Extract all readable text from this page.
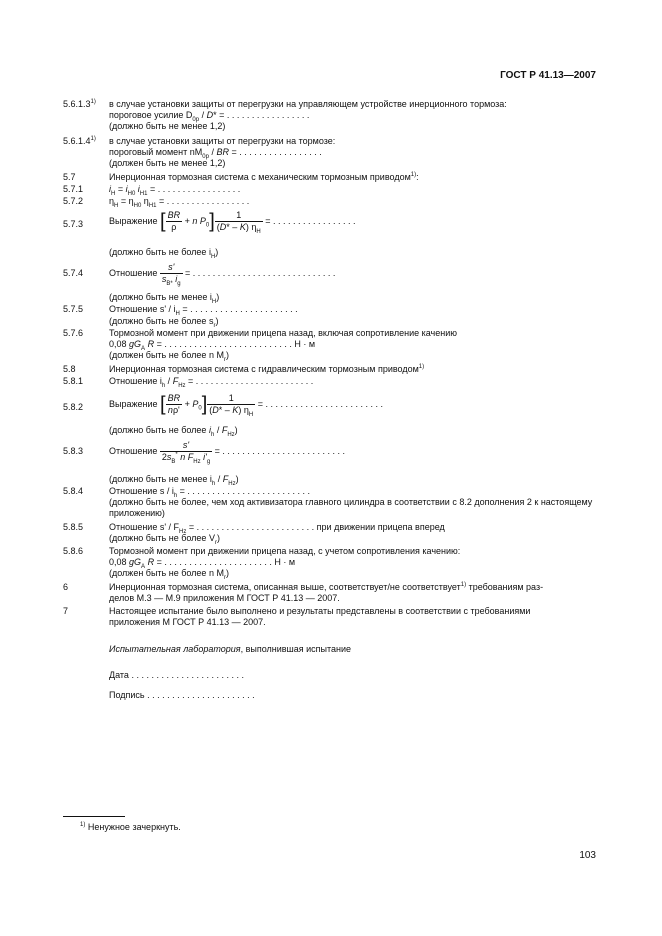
ГОСТ Р 41.13—2007
5.6.1.3$^{1)}$ в случае установки защиты от перегрузки на управляющем устройстве инерционного тормоза:
пороговое усилие $D_{0р} / D*$ = . . . . . . . . . . . . . . . . .
(должно быть не менее 1,2)
5.6.1.4$^{1)}$ в случае установки защиты от перегрузки на тормозе:
пороговый момент $nM_{0р}$ / BR = . . . . . . . . . . . . . . . . .
(должен быть не менее 1,2)
5.7	Инерционная тормозная система с механическим тормозным приводом$^{1)}$:
5.7.1	$i_Н = i_{Н0}$ $i_{Н1}$ = . . . . . . . . . . . . . . . . .
5.7.2	$\eta_Н = \eta_{Н0}$ $\eta_{Н1}$ = . . . . . . . . . . . . . . . . .
5.7.3	Выражение [ $\frac{BR}{\rho} + n$ $P_0] \frac{1}{(D* - K) \eta_Н}$ = . . . . . . . . . . . . . . . . .
(должно быть не более $i_Н$)
5.7.4	Отношение $\frac{s'}{s_{В*} i_g}$ = . . . . . . . . . . . . . . . . . . . . . . . . . . . . .
(должно быть не менее $i_Н$)
5.7.5	Отношение s' / $i_Н$ = . . . . . . . . . . . . . . . . . . . . . .
(должно быть не более $s_r$)
5.7.6	Тормозной момент при движении прицепа назад, включая сопротивление качению
0,08 $gG_A$ R = . . . . . . . . . . . . . . . . . . . . . . . . . . Н · м
(должен быть не более n $M_r$)
5.8	Инерционная тормозная система с гидравлическим тормозным приводом$^{1)}$
5.8.1	Отношение $i_h / F_{Hz}$ = . . . . . . . . . . . . . . . . . . . . . . . .
5.8.2	Выражение [ $\frac{BR}{n\rho'} + P_0] \frac{1}{(D* - K) \eta_Н}$ = . . . . . . . . . . . . . . . . . . . . . . . .
(должно быть не более $i_h / F_{Hz}$)
5.8.3	Отношение $\frac{s'}{2s_B^* n F_{Hz} i'_g}$ = . . . . . . . . . . . . . . . . . . . . . . . . .
(должно быть не менее $i_h / F_{Hz}$)
5.8.4	Отношение s / $i_h$ = . . . . . . . . . . . . . . . . . . . . . . . . .
(должно быть не более, чем ход активизатора главного цилиндра в соответствии с 8.2 дополнения 2 к настоящему приложению)
5.8.5	Отношение s' / $F_{Hz}$ = . . . . . . . . . . . . . . . . . . . . . . . . при движении прицепа вперед
(должно быть не более $V_r$)
5.8.6	Тормозной момент при движении прицепа назад, с учетом сопротивления качению:
0,08 $gG_A$ R = . . . . . . . . . . . . . . . . . . . . . . Н · м
(должен быть не более n $M_r$)
6	Инерционная тормозная система, описанная выше, соответствует/не соответствует$^{1)}$ требованиям раз-
делов М.3 — М.9 приложения М ГОСТ Р 41.13 — 2007.
7	Настоящее испытание было выполнено и результаты представлены в соответствии с требованиями
приложения М ГОСТ Р 41.13 — 2007.
Испытательная лаборатория, выполнившая испытание
Дата . . . . . . . . . . . . . . . . . . . . . . .
Подпись . . . . . . . . . . . . . . . . . . . . . .
$^{1)}$ Ненужное зачеркнуть.
103
